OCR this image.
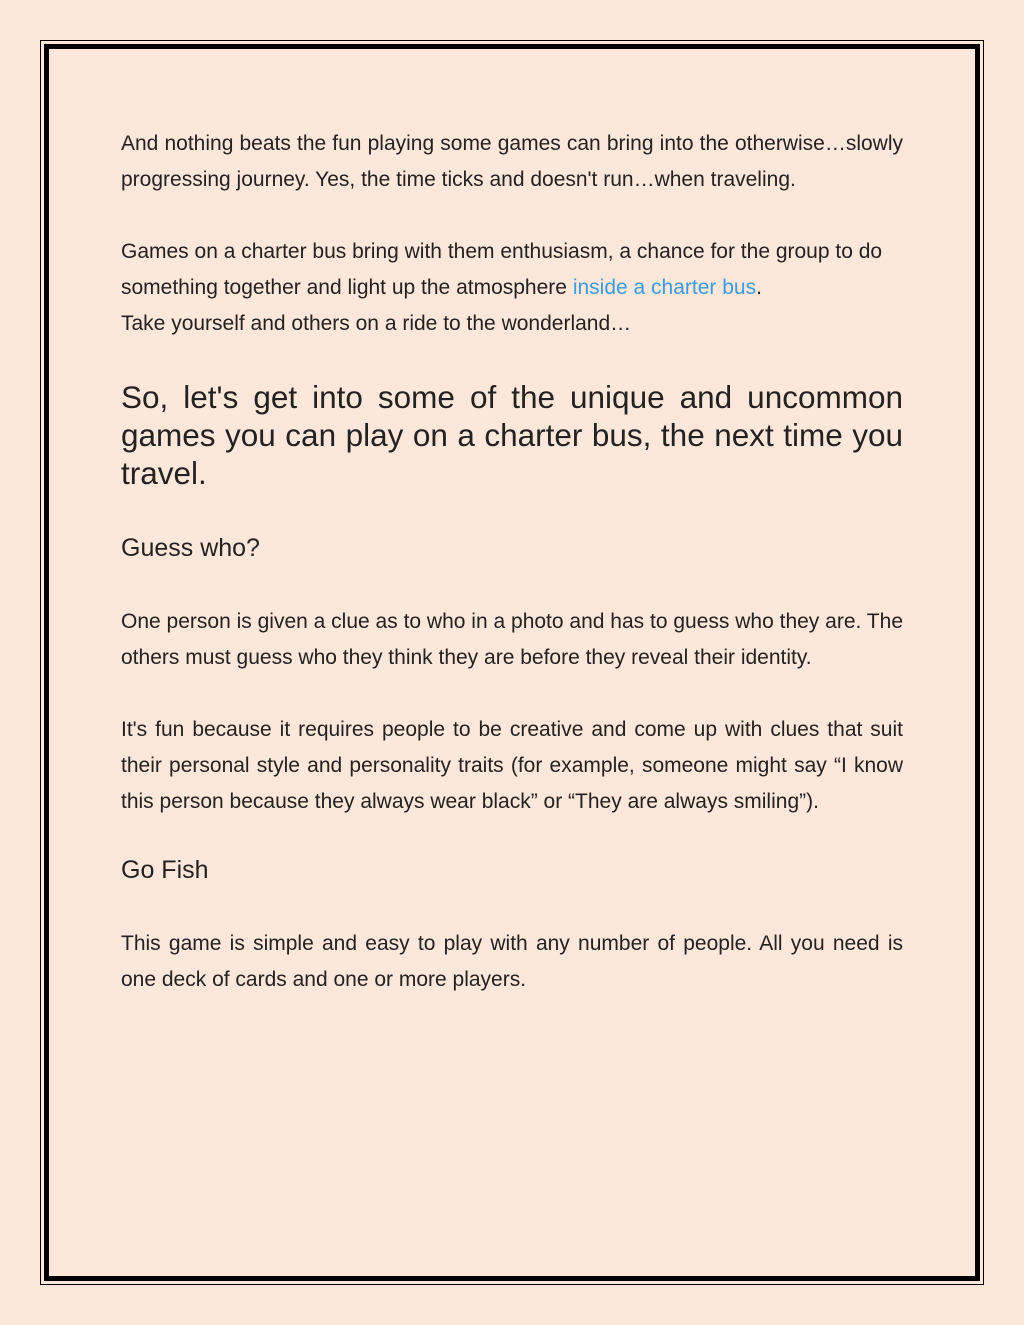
And nothing beats the fun playing some games can bring into the otherwise…slowly progressing journey. Yes, the time ticks and doesn't run…when traveling.

Games on a charter bus bring with them enthusiasm, a chance for the group to do something together and light up the atmosphere inside a charter bus.
Take yourself and others on a ride to the wonderland…

So, let's get into some of the unique and uncommon games you can play on a charter bus, the next time you travel.

Guess who?

One person is given a clue as to who in a photo and has to guess who they are. The others must guess who they think they are before they reveal their identity.

It's fun because it requires people to be creative and come up with clues that suit their personal style and personality traits (for example, someone might say “I know this person because they always wear black” or “They are always smiling”).

Go Fish

This game is simple and easy to play with any number of people. All you need is one deck of cards and one or more players.
